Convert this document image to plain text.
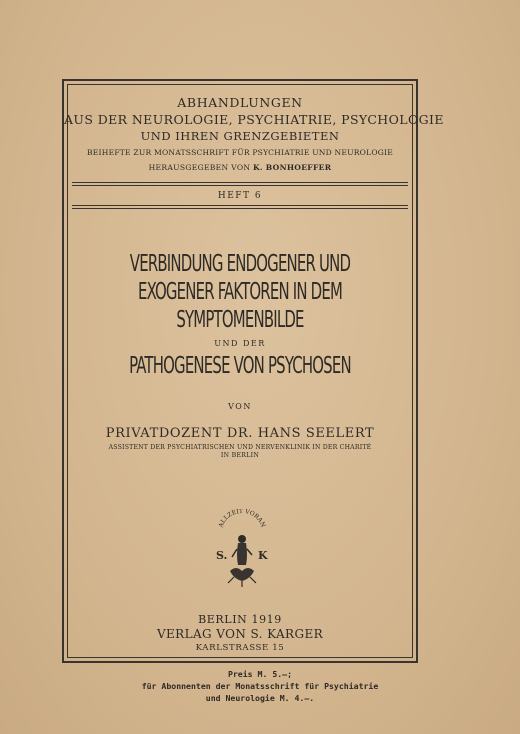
ABHANDLUNGEN
AUS DER NEUROLOGIE, PSYCHIATRIE, PSYCHOLOGIE
UND IHREN GRENZGEBIETEN
BEIHEFTE ZUR MONATSSCHRIFT FÜR PSYCHIATRIE UND NEUROLOGIE
HERAUSGEGEBEN VON K. BONHOEFFER
HEFT 6
VERBINDUNG ENDOGENER UND
EXOGENER FAKTOREN IN DEM
SYMPTOMENBILDE
UND DER
PATHOGENESE VON PSYCHOSEN
VON
PRIVATDOZENT DR. HANS SEELERT
ASSISTENT DER PSYCHIATRISCHEN UND NERVENKLINIK IN DER CHARITÉ
IN BERLIN
ALLZEIT VORAN
S.	K
BERLIN 1919
VERLAG VON S. KARGER
KARLSTRASSE 15
Preis M. 5.—;
für Abonnenten der Monatsschrift für Psychiatrie
und Neurologie M. 4.—.
